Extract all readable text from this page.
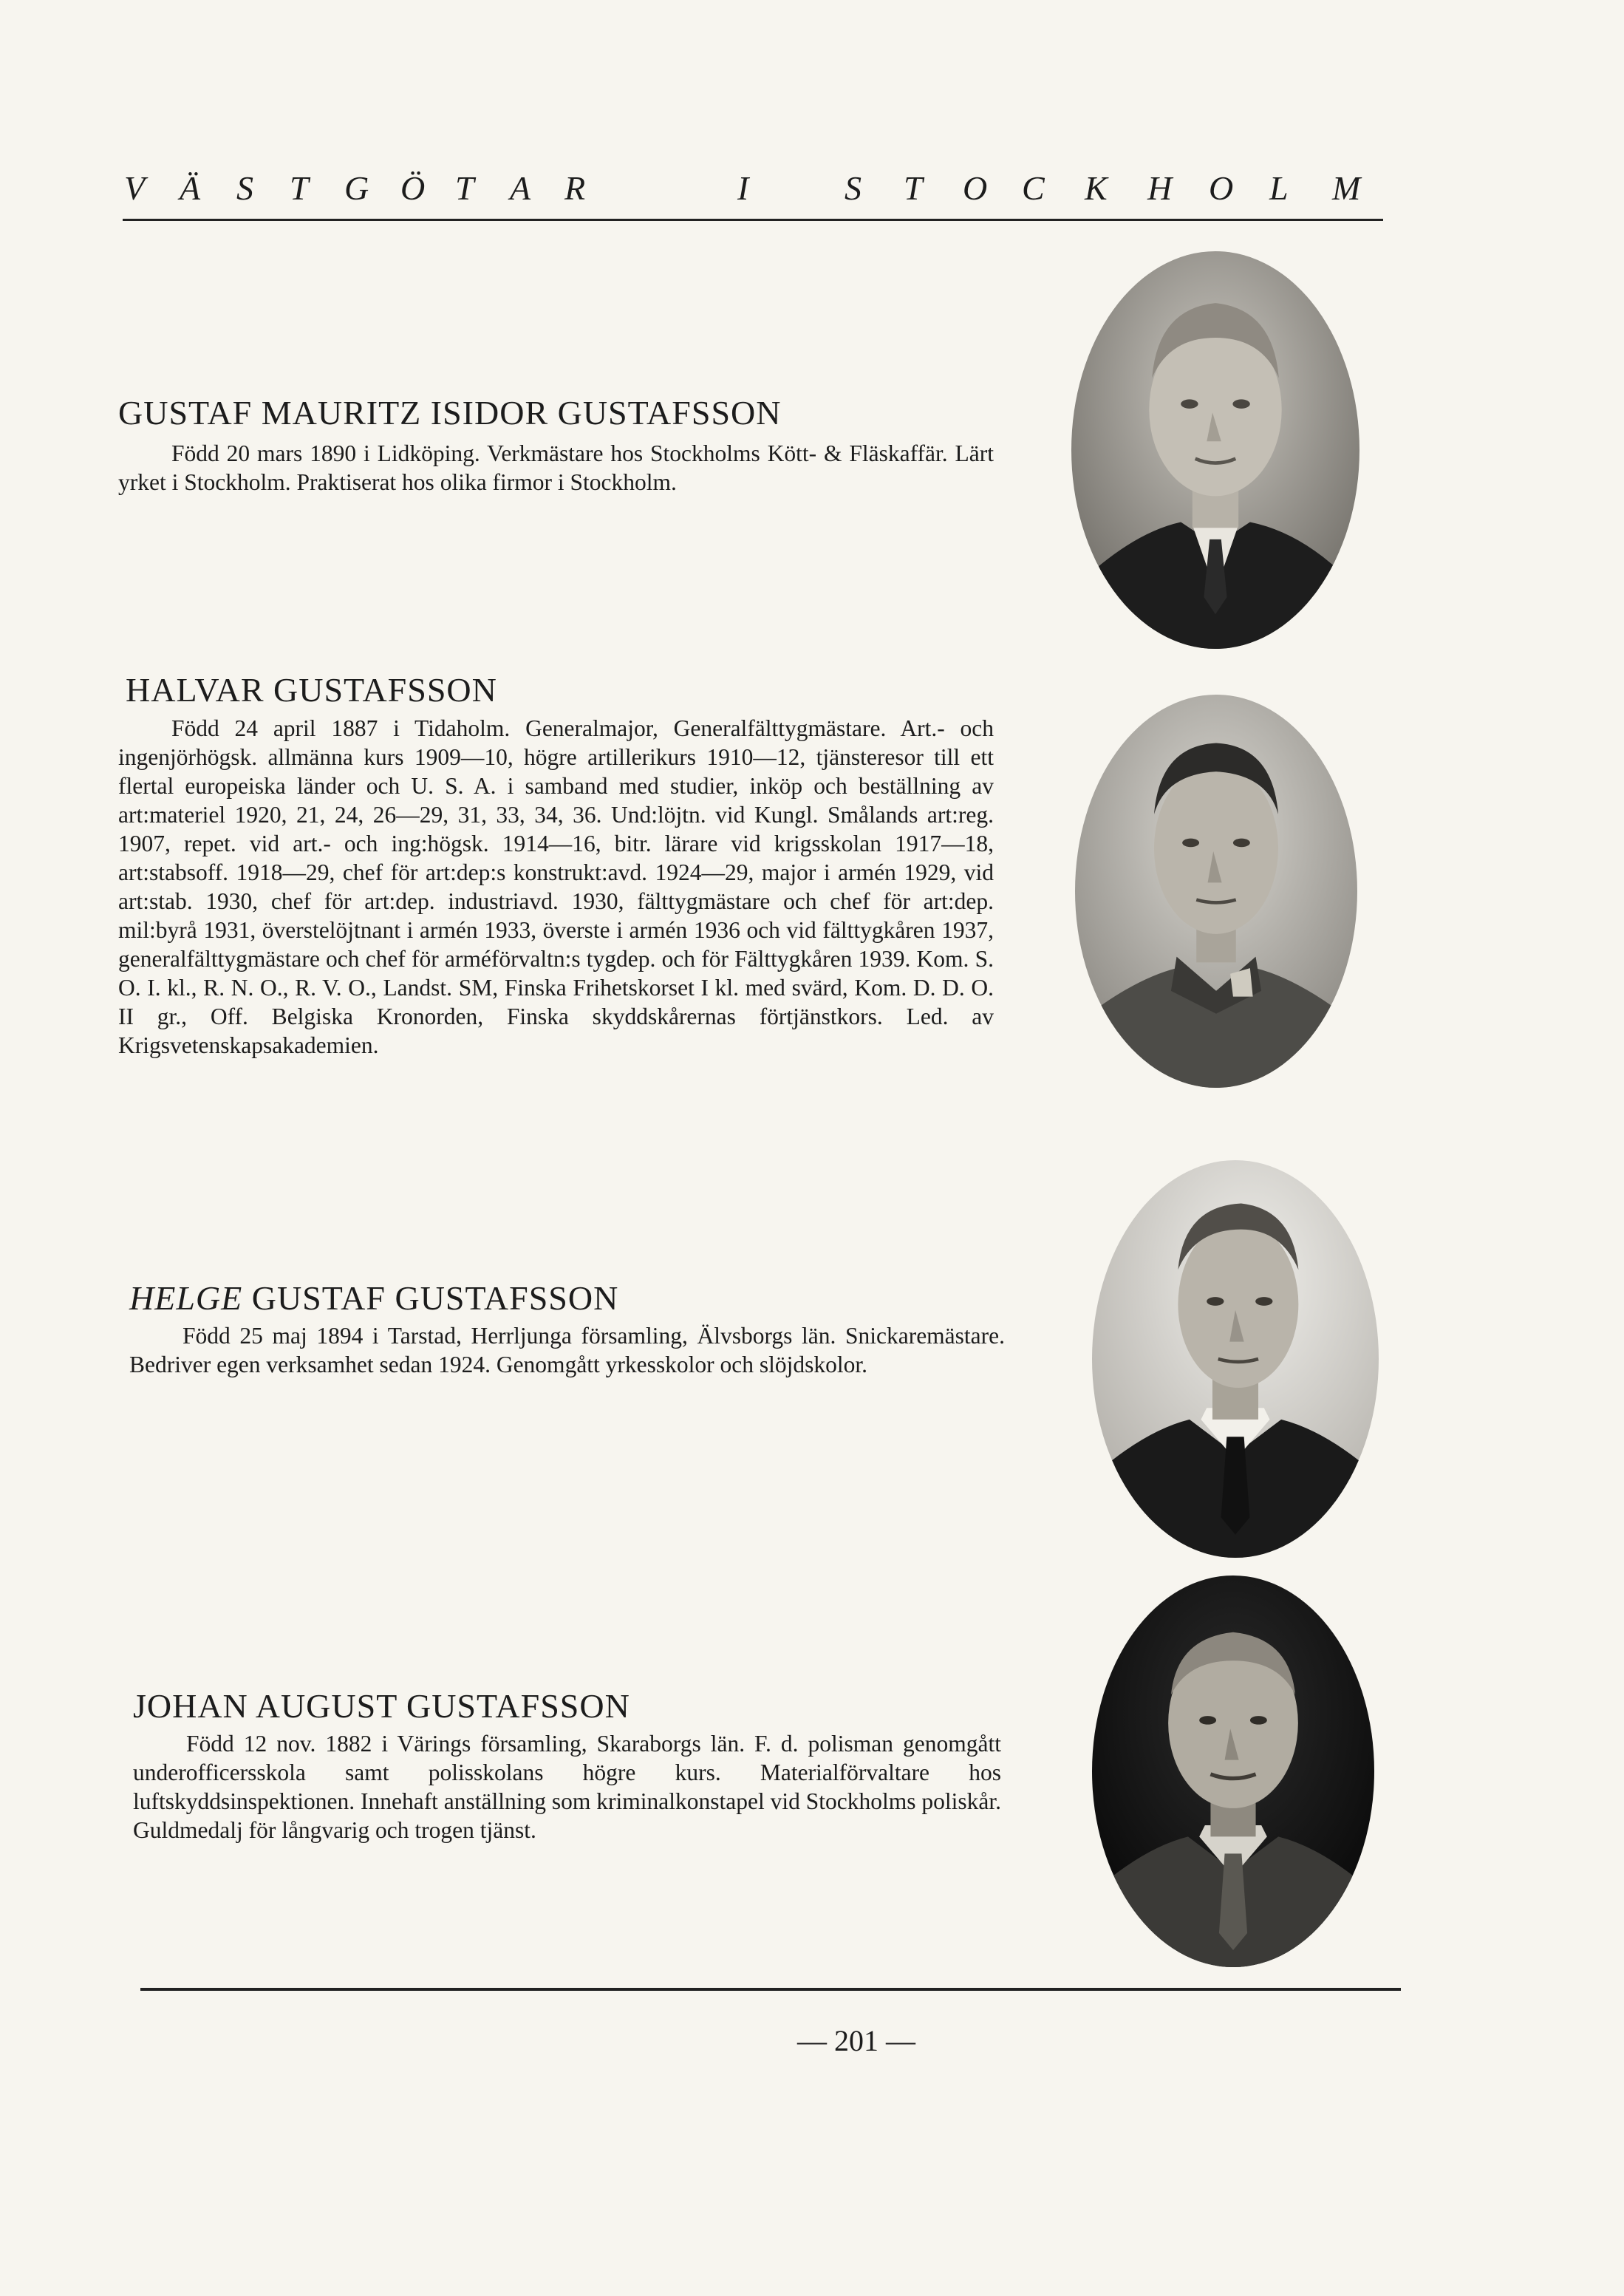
V Ä S T G Ö T A R	I	S T O C K H O L M
GUSTAF MAURITZ ISIDOR GUSTAFSSON

Född 20 mars 1890 i Lidköping. Verkmästare hos Stockholms Kött- & Fläskaffär. Lärt yrket i Stockholm. Praktiserat hos olika firmor i Stockholm.

HALVAR GUSTAFSSON

Född 24 april 1887 i Tidaholm. Generalmajor, Generalfälttygmästare. Art.- och ingenjörhögsk. allmänna kurs 1909—10, högre artillerikurs 1910—12, tjänsteresor till ett flertal europeiska länder och U. S. A. i samband med studier, inköp och beställning av art:materiel 1920, 21, 24, 26—29, 31, 33, 34, 36. Und:löjtn. vid Kungl. Smålands art:reg. 1907, repet. vid art.- och ing:högsk. 1914—16, bitr. lärare vid krigsskolan 1917—18, art:stabsoff. 1918—29, chef för art:dep:s konstrukt:avd. 1924—29, major i armén 1929, vid art:stab. 1930, chef för art:dep. industriavd. 1930, fälttygmästare och chef för art:dep. mil:byrå 1931, överstelöjtnant i armén 1933, överste i armén 1936 och vid fälttygkåren 1937, generalfälttygmästare och chef för arméförvaltn:s tygdep. och för Fälttygkåren 1939. Kom. S. O. I. kl., R. N. O., R. V. O., Landst. SM, Finska Frihetskorset I kl. med svärd, Kom. D. D. O. II gr., Off. Belgiska Kronorden, Finska skyddskårernas förtjänstkors. Led. av Krigsvetenskapsakademien.

HELGE GUSTAF GUSTAFSSON

Född 25 maj 1894 i Tarstad, Herrljunga församling, Älvsborgs län. Snickaremästare. Bedriver egen verksamhet sedan 1924. Genomgått yrkesskolor och slöjdskolor.

JOHAN AUGUST GUSTAFSSON

Född 12 nov. 1882 i Värings församling, Skaraborgs län. F. d. polisman genomgått underofficersskola samt polisskolans högre kurs. Materialförvaltare hos luftskyddsinspektionen. Innehaft anställning som kriminalkonstapel vid Stockholms poliskår. Guldmedalj för långvarig och trogen tjänst.

— 201 —
